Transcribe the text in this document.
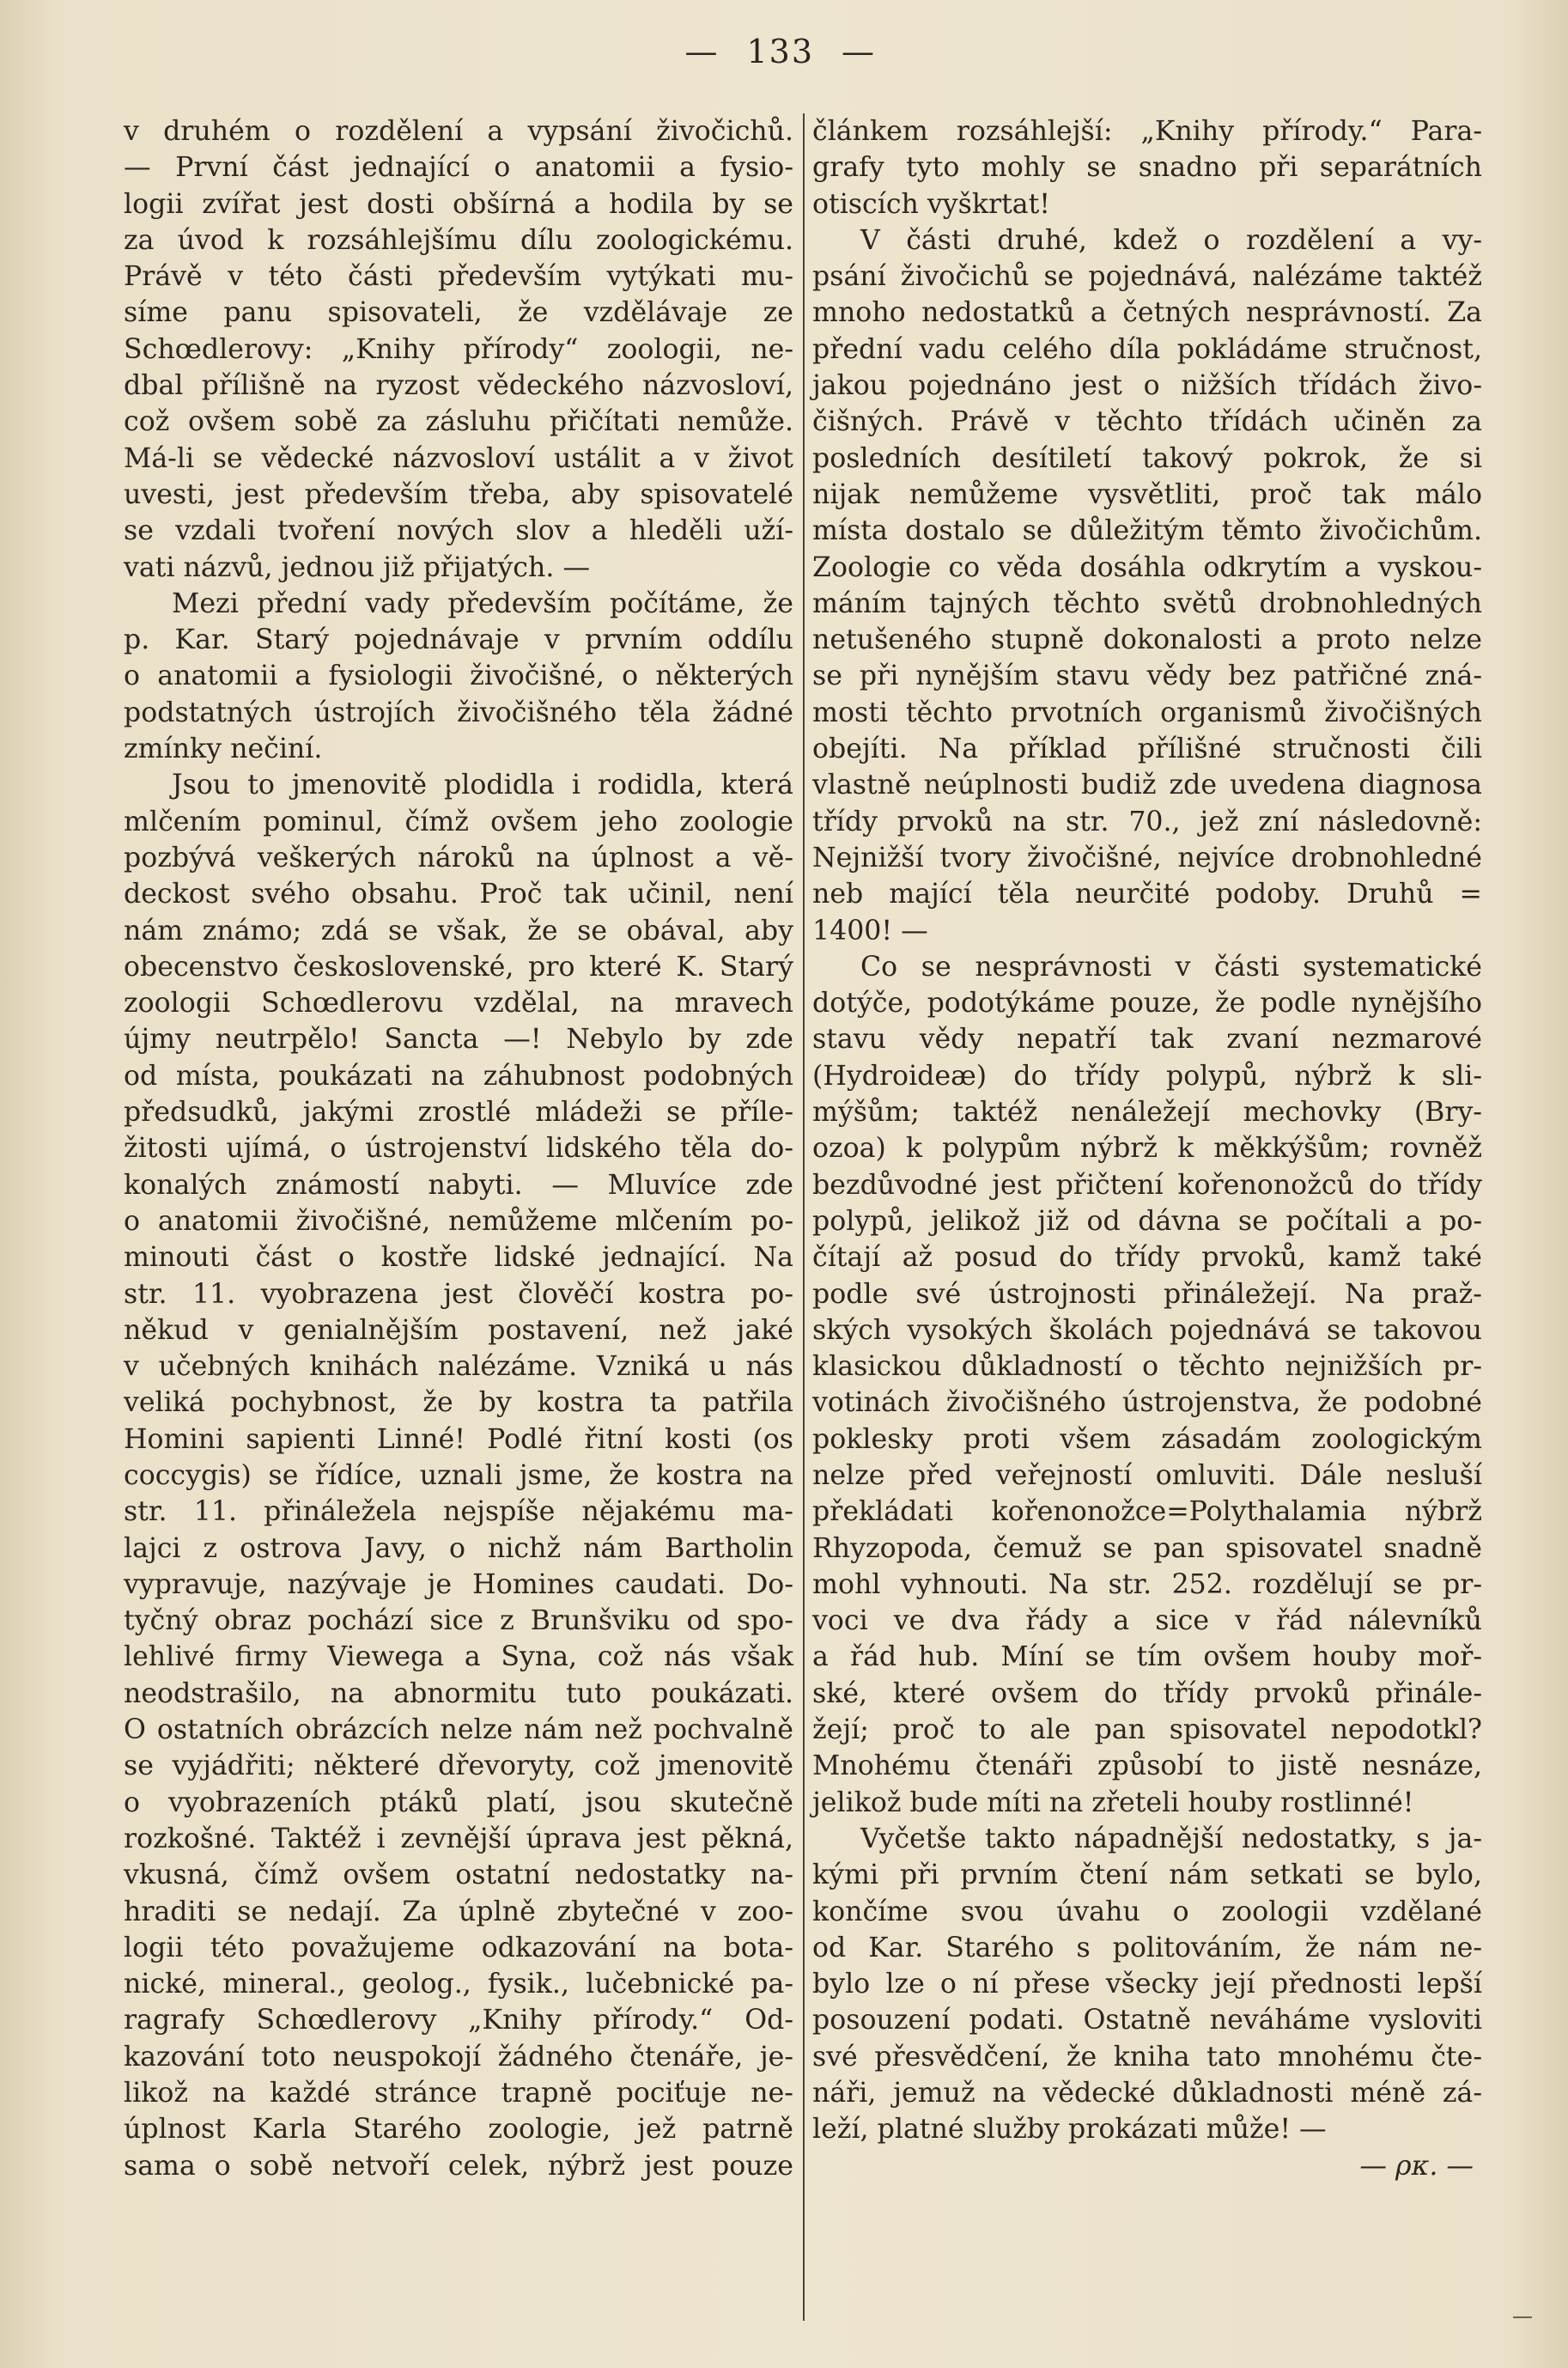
— 133 —
v druhém o rozdělení a vypsání živočichů.
— První část jednající o anatomii a fysio-
logii zvířat jest dosti obšírná a hodila by se
za úvod k rozsáhlejšímu dílu zoologickému.
Právě v této části především vytýkati mu-
síme panu spisovateli, že vzdělávaje ze
Schœdlerovy: „Knihy přírody“ zoologii, ne-
dbal přílišně na ryzost vědeckého názvosloví,
což ovšem sobě za zásluhu přičítati nemůže.
Má-li se vědecké názvosloví ustálit a v život
uvesti, jest především třeba, aby spisovatelé
se vzdali tvoření nových slov a hleděli uží-
vati názvů, jednou již přijatých. —
Mezi přední vady především počítáme, že
p. Kar. Starý pojednávaje v prvním oddílu
o anatomii a fysiologii živočišné, o některých
podstatných ústrojích živočišného těla žádné
zmínky nečiní.
Jsou to jmenovitě plodidla i rodidla, která
mlčením pominul, čímž ovšem jeho zoologie
pozbývá veškerých nároků na úplnost a vě-
deckost svého obsahu. Proč tak učinil, není
nám známo; zdá se však, že se obával, aby
obecenstvo československé, pro které K. Starý
zoologii Schœdlerovu vzdělal, na mravech
újmy neutrpělo! Sancta —! Nebylo by zde
od místa, poukázati na záhubnost podobných
předsudků, jakými zrostlé mládeži se příle-
žitosti ujímá, o ústrojenství lidského těla do-
konalých známostí nabyti. — Mluvíce zde
o anatomii živočišné, nemůžeme mlčením po-
minouti část o kostře lidské jednající. Na
str. 11. vyobrazena jest člověčí kostra po-
někud v genialnějším postavení, než jaké
v učebných knihách nalézáme. Vzniká u nás
veliká pochybnost, že by kostra ta patřila
Homini sapienti Linné! Podlé řitní kosti (os
coccygis) se řídíce, uznali jsme, že kostra na
str. 11. přináležela nejspíše nějakému ma-
lajci z ostrova Javy, o nichž nám Bartholin
vypravuje, nazývaje je Homines caudati. Do-
tyčný obraz pochází sice z Brunšviku od spo-
lehlivé firmy Viewega a Syna, což nás však
neodstrašilo, na abnormitu tuto poukázati.
O ostatních obrázcích nelze nám než pochvalně
se vyjádřiti; některé dřevoryty, což jmenovitě
o vyobrazeních ptáků platí, jsou skutečně
rozkošné. Taktéž i zevnější úprava jest pěkná,
vkusná, čímž ovšem ostatní nedostatky na-
hraditi se nedají. Za úplně zbytečné v zoo-
logii této považujeme odkazování na bota-
nické, mineral., geolog., fysik., lučebnické pa-
ragrafy Schœdlerovy „Knihy přírody.“ Od-
kazování toto neuspokojí žádného čtenáře, je-
likož na každé stránce trapně pociťuje ne-
úplnost Karla Starého zoologie, jež patrně
sama o sobě netvoří celek, nýbrž jest pouze
článkem rozsáhlejší: „Knihy přírody.“ Para-
grafy tyto mohly se snadno při separátních
otiscích vyškrtat!
V části druhé, kdež o rozdělení a vy-
psání živočichů se pojednává, nalézáme taktéž
mnoho nedostatků a četných nesprávností. Za
přední vadu celého díla pokládáme stručnost,
jakou pojednáno jest o nižších třídách živo-
čišných. Právě v těchto třídách učiněn za
posledních desítiletí takový pokrok, že si
nijak nemůžeme vysvětliti, proč tak málo
místa dostalo se důležitým těmto živočichům.
Zoologie co věda dosáhla odkrytím a vyskou-
máním tajných těchto světů drobnohledných
netušeného stupně dokonalosti a proto nelze
se při nynějším stavu vědy bez patřičné zná-
mosti těchto prvotních organismů živočišných
obejíti. Na příklad přílišné stručnosti čili
vlastně neúplnosti budiž zde uvedena diagnosa
třídy prvoků na str. 70., jež zní následovně:
Nejnižší tvory živočišné, nejvíce drobnohledné
neb mající těla neurčité podoby. Druhů =
1400! —
Co se nesprávnosti v části systematické
dotýče, podotýkáme pouze, že podle nynějšího
stavu vědy nepatří tak zvaní nezmarové
(Hydroideæ) do třídy polypů, nýbrž k sli-
mýšům; taktéž nenáležejí mechovky (Bry-
ozoa) k polypům nýbrž k měkkýšům; rovněž
bezdůvodné jest přičtení kořenonožců do třídy
polypů, jelikož již od dávna se počítali a po-
čítají až posud do třídy prvoků, kamž také
podle své ústrojnosti přináležejí. Na praž-
ských vysokých školách pojednává se takovou
klasickou důkladností o těchto nejnižších pr-
votinách živočišného ústrojenstva, že podobné
poklesky proti všem zásadám zoologickým
nelze před veřejností omluviti. Dále nesluší
překládati kořenonožce=Polythalamia nýbrž
Rhyzopoda, čemuž se pan spisovatel snadně
mohl vyhnouti. Na str. 252. rozdělují se pr-
voci ve dva řády a sice v řád nálevníků
a řád hub. Míní se tím ovšem houby moř-
ské, které ovšem do třídy prvoků přinále-
žejí; proč to ale pan spisovatel nepodotkl?
Mnohému čtenáři způsobí to jistě nesnáze,
jelikož bude míti na zřeteli houby rostlinné!
Vyčetše takto nápadnější nedostatky, s ja-
kými při prvním čtení nám setkati se bylo,
končíme svou úvahu o zoologii vzdělané
od Kar. Starého s politováním, že nám ne-
bylo lze o ní přese všecky její přednosti lepší
posouzení podati. Ostatně neváháme vysloviti
své přesvědčení, že kniha tato mnohému čte-
náři, jemuž na vědecké důkladnosti méně zá-
leží, platné služby prokázati může! —
— ρκ. —
